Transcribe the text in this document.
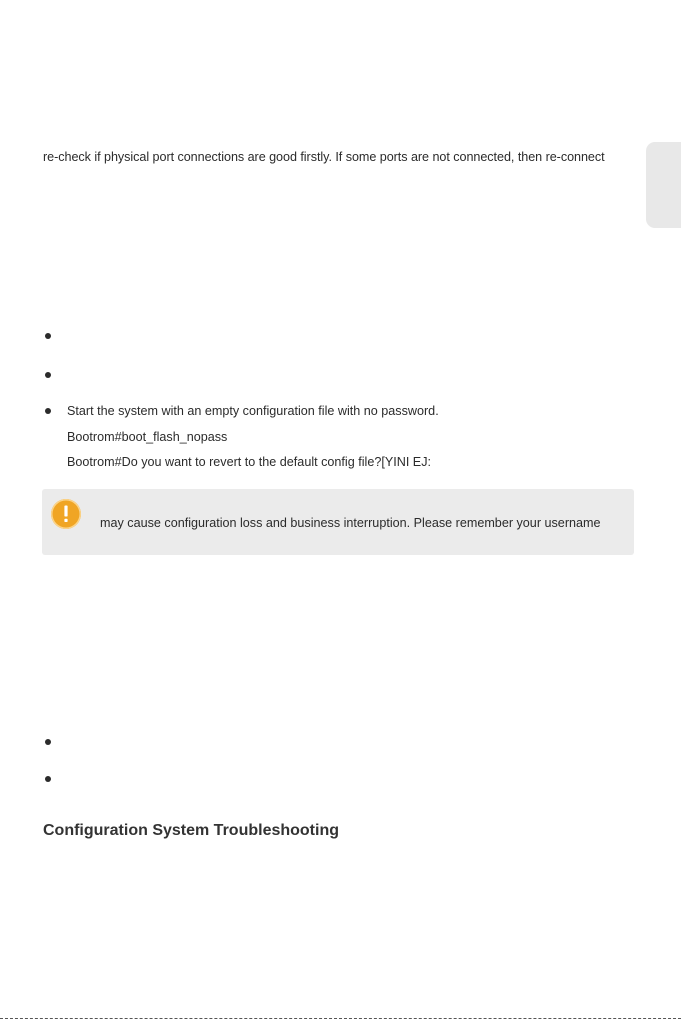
re-check if physical port connections are good firstly. If some ports are not connected, then re-connect
Start the system with an empty configuration file with no password.
Bootrom#boot_flash_nopass
Bootrom#Do you want to revert to the default config file?[YINI EJ:
may cause configuration loss and business interruption. Please remember your username
Configuration System Troubleshooting
